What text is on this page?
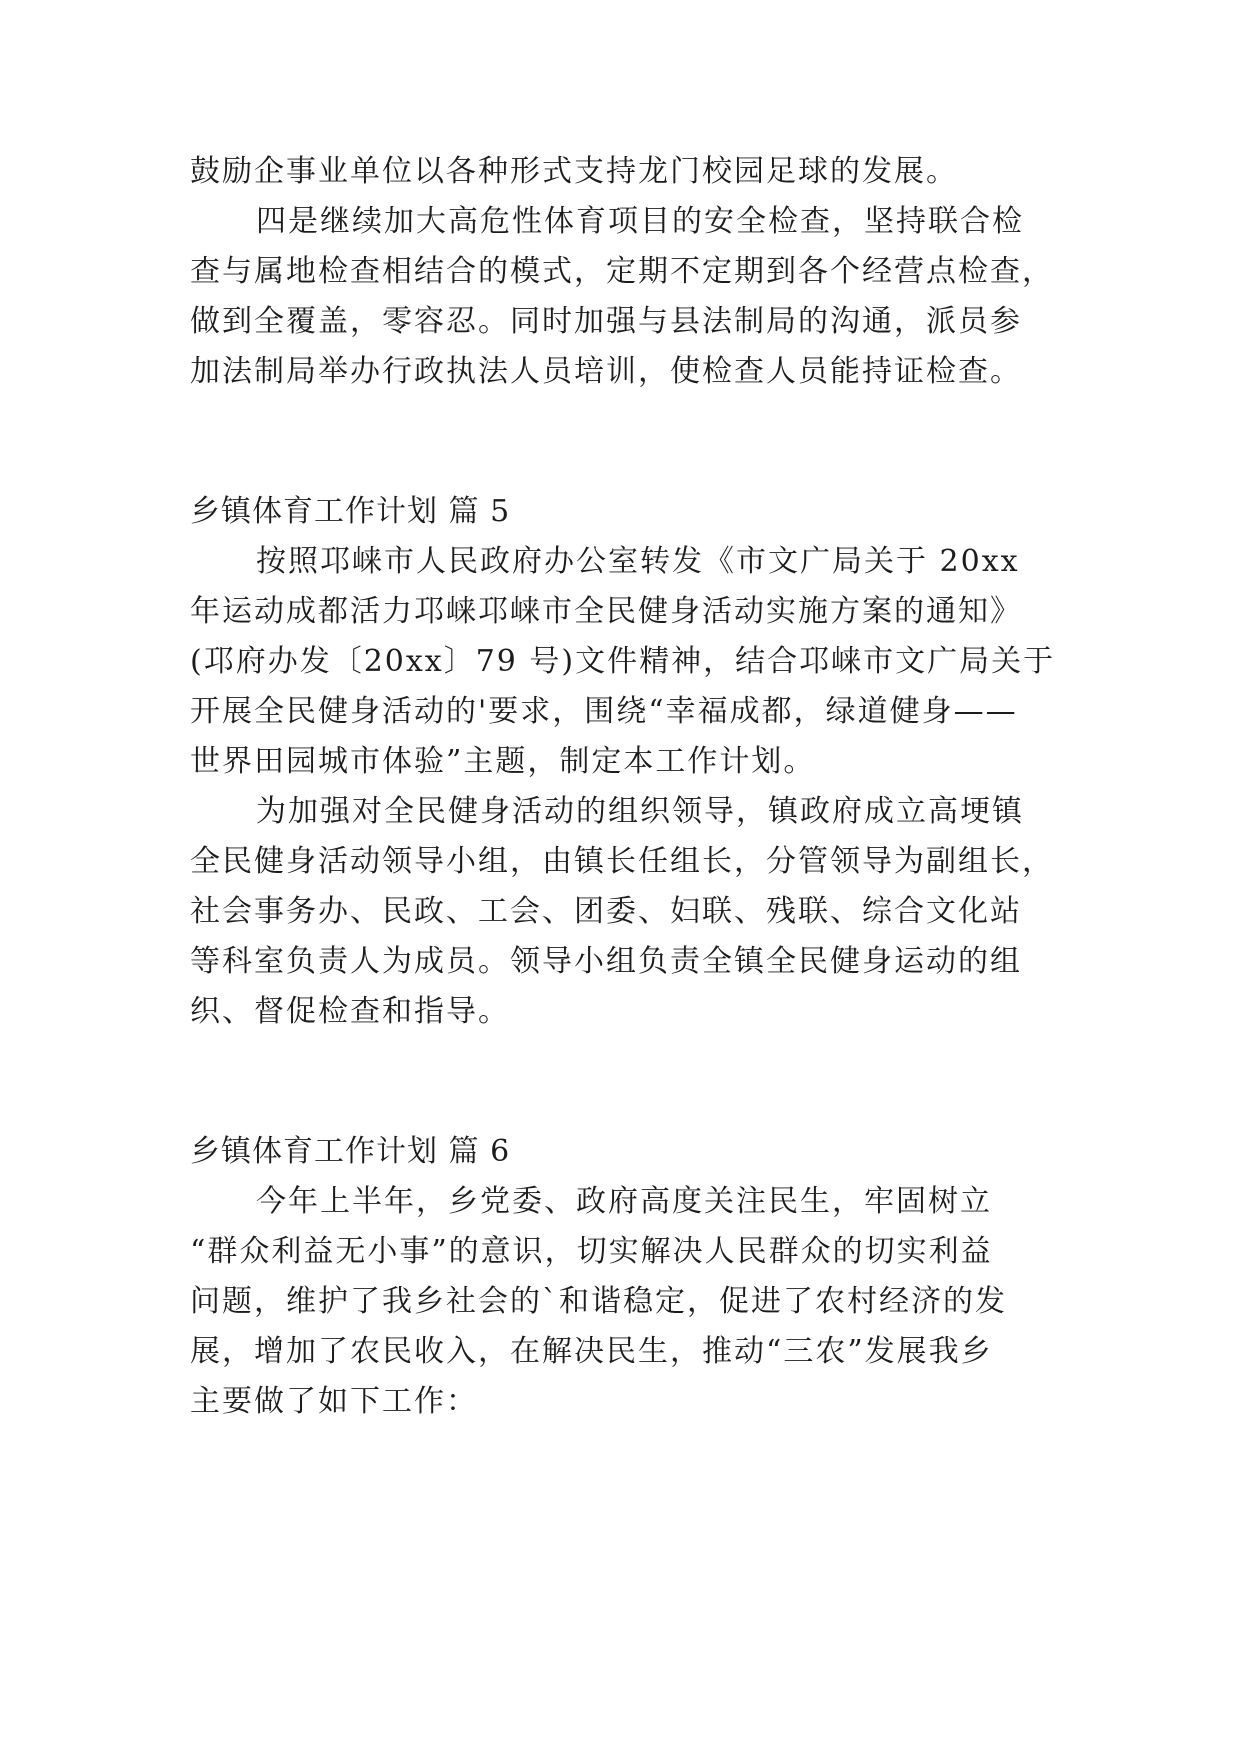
鼓励企事业单位以各种形式支持龙门校园足球的发展。

四是继续加大高危性体育项目的安全检查，坚持联合检

查与属地检查相结合的模式，定期不定期到各个经营点检查，

做到全覆盖，零容忍。同时加强与县法制局的沟通，派员参

加法制局举办行政执法人员培训，使检查人员能持证检查。

乡镇体育工作计划 篇 5

按照邛崃市人民政府办公室转发《市文广局关于 20xx

年运动成都活力邛崃邛崃市全民健身活动实施方案的通知》

(邛府办发〔20xx〕79 号)文件精神，结合邛崃市文广局关于

开展全民健身活动的'要求，围绕“幸福成都，绿道健身——

世界田园城市体验”主题，制定本工作计划。

为加强对全民健身活动的组织领导，镇政府成立高埂镇

全民健身活动领导小组，由镇长任组长，分管领导为副组长，

社会事务办、民政、工会、团委、妇联、残联、综合文化站

等科室负责人为成员。领导小组负责全镇全民健身运动的组

织、督促检查和指导。

乡镇体育工作计划 篇 6

今年上半年，乡党委、政府高度关注民生，牢固树立

“群众利益无小事”的意识，切实解决人民群众的切实利益

问题，维护了我乡社会的`和谐稳定，促进了农村经济的发

展，增加了农民收入，在解决民生，推动“三农”发展我乡

主要做了如下工作：
